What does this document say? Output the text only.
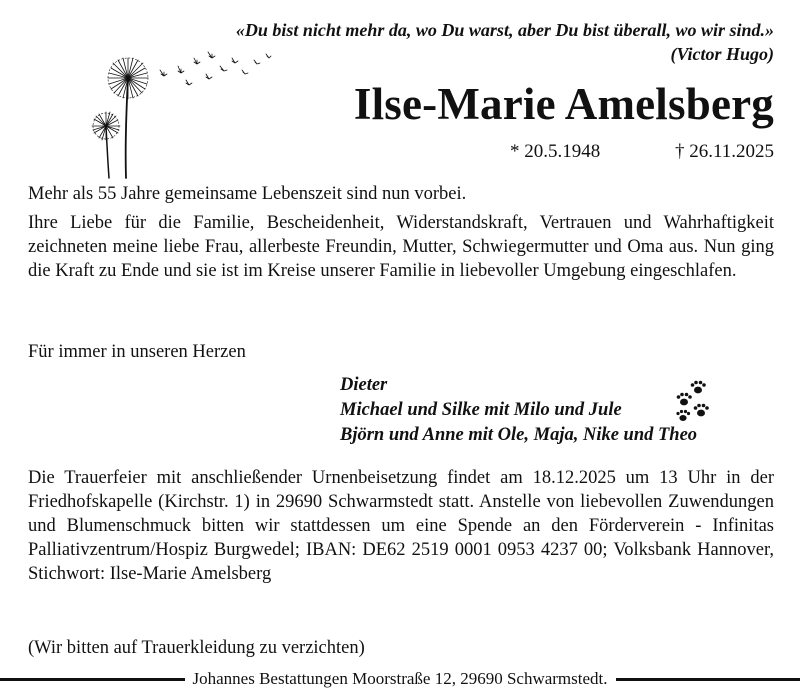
«Du bist nicht mehr da, wo Du warst, aber Du bist überall, wo wir sind.»
(Victor Hugo)
Ilse-Marie Amelsberg
* 20.5.1948	† 26.11.2025
Mehr als 55 Jahre gemeinsame Lebenszeit sind nun vorbei.
Ihre Liebe für die Familie, Bescheidenheit, Widerstandskraft, Vertrauen und Wahrhaftigkeit zeichneten meine liebe Frau, allerbeste Freundin, Mutter, Schwiegermutter und Oma aus. Nun ging die Kraft zu Ende und sie ist im Kreise unserer Familie in liebevoller Umgebung eingeschlafen.
Für immer in unseren Herzen
Dieter
Michael und Silke mit Milo und Jule
Björn und Anne mit Ole, Maja, Nike und Theo
Die Trauerfeier mit anschließender Urnenbeisetzung findet am 18.12.2025 um 13 Uhr in der Friedhofskapelle (Kirchstr. 1) in 29690 Schwarmstedt statt. Anstelle von liebevollen Zuwendungen und Blumenschmuck bitten wir stattdessen um eine Spende an den Förderverein - Infinitas Palliativzentrum/Hospiz Burgwedel; IBAN: DE62 2519 0001 0953 4237 00; Volksbank Hannover, Stichwort: Ilse-Marie Amelsberg
(Wir bitten auf Trauerkleidung zu verzichten)
Johannes Bestattungen Moorstraße 12, 29690 Schwarmstedt.
